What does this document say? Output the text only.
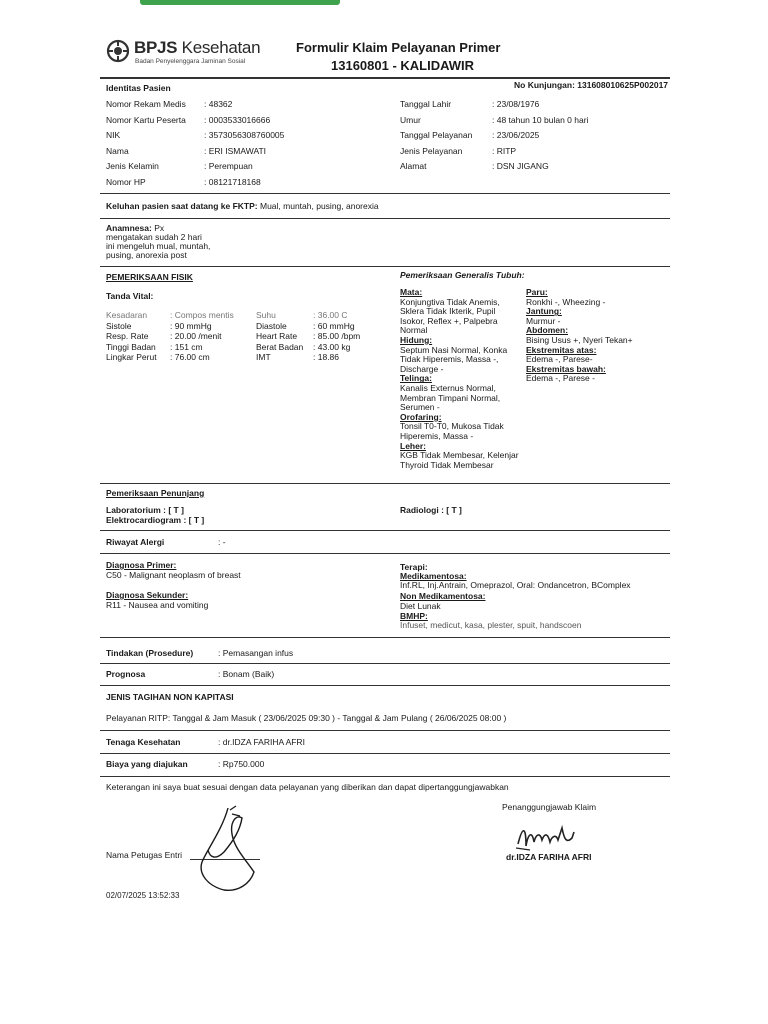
BPJS Kesehatan
Badan Penyelenggara Jaminan Sosial
Formulir Klaim Pelayanan Primer
13160801 - KALIDAWIR
Identitas Pasien	No Kunjungan: 131608010625P002017
Nomor Rekam Medis : 48362
Nomor Kartu Peserta : 0003533016666
NIK	: 3573056308760005
Nama	: ERI ISMAWATI
Jenis Kelamin	: Perempuan
Nomor HP	: 08121718168
Tanggal Lahir	: 23/08/1976
Umur	: 48 tahun 10 bulan 0 hari
Tanggal Pelayanan : 23/06/2025
Jenis Pelayanan	: RITP
Alamat	: DSN JIGANG
Keluhan pasien saat datang ke FKTP: Mual, muntah, pusing, anorexia
Anamnesa: Px
mengatakan sudah 2 hari
ini mengeluh mual, muntah,
pusing, anorexia post
PEMERIKSAAN FISIK
Tanda Vital:
Pemeriksaan Generalis Tubuh:
Kesadaran	: Compos mentis
Sistole	: 90 mmHg
Resp. Rate	: 20.00 /menit
Tinggi Badan : 151 cm
Lingkar Perut : 76.00 cm
Suhu	: 36.00 C
Diastole	: 60 mmHg
Heart Rate : 85.00 /bpm
Berat Badan : 43.00 kg
IMT	: 18.86
Mata:
Konjungtiva Tidak Anemis,
Sklera Tidak Ikterik, Pupil
Isokor, Reflex +, Palpebra
Normal
Hidung:
Septum Nasi Normal, Konka
Tidak Hiperemis, Massa -,
Discharge -
Telinga:
Kanalis Externus Normal,
Membran Timpani Normal,
Serumen -
Orofaring:
Tonsil T0-T0, Mukosa Tidak
Hiperemis, Massa -
Leher:
KGB Tidak Membesar, Kelenjar
Thyroid Tidak Membesar
Paru:
Ronkhi -, Wheezing -
Jantung:
Murmur -
Abdomen:
Bising Usus +, Nyeri Tekan+
Ekstremitas atas:
Edema -, Parese-
Ekstremitas bawah:
Edema -, Parese -
Pemeriksaan Penunjang
Laboratorium : [ T ]
Elektrocardiogram : [ T ]
Radiologi : [ T ]
Riwayat Alergi	: -
Diagnosa Primer:
C50 - Malignant neoplasm of breast
Diagnosa Sekunder:
R11 - Nausea and vomiting
Terapi:
Medikamentosa:
Inf.RL, Inj.Antrain, Omeprazol, Oral: Ondancetron, BComplex
Non Medikamentosa:
Diet Lunak
BMHP:
Infuset, medicut, kasa, plester, spuit, handscoen
Tindakan (Prosedure)	: Pemasangan infus
Prognosa	: Bonam (Baik)
JENIS TAGIHAN NON KAPITASI
Pelayanan RITP: Tanggal & Jam Masuk ( 23/06/2025 09:30 ) - Tanggal & Jam Pulang ( 26/06/2025 08:00 )
Tenaga Kesehatan	: dr.IDZA FARIHA AFRI
Biaya yang diajukan	: Rp750.000
Keterangan ini saya buat sesuai dengan data pelayanan yang diberikan dan dapat dipertanggungjawabkan
Penanggungjawab Klaim
dr.IDZA FARIHA AFRI
Nama Petugas Entri
02/07/2025 13:52:33
